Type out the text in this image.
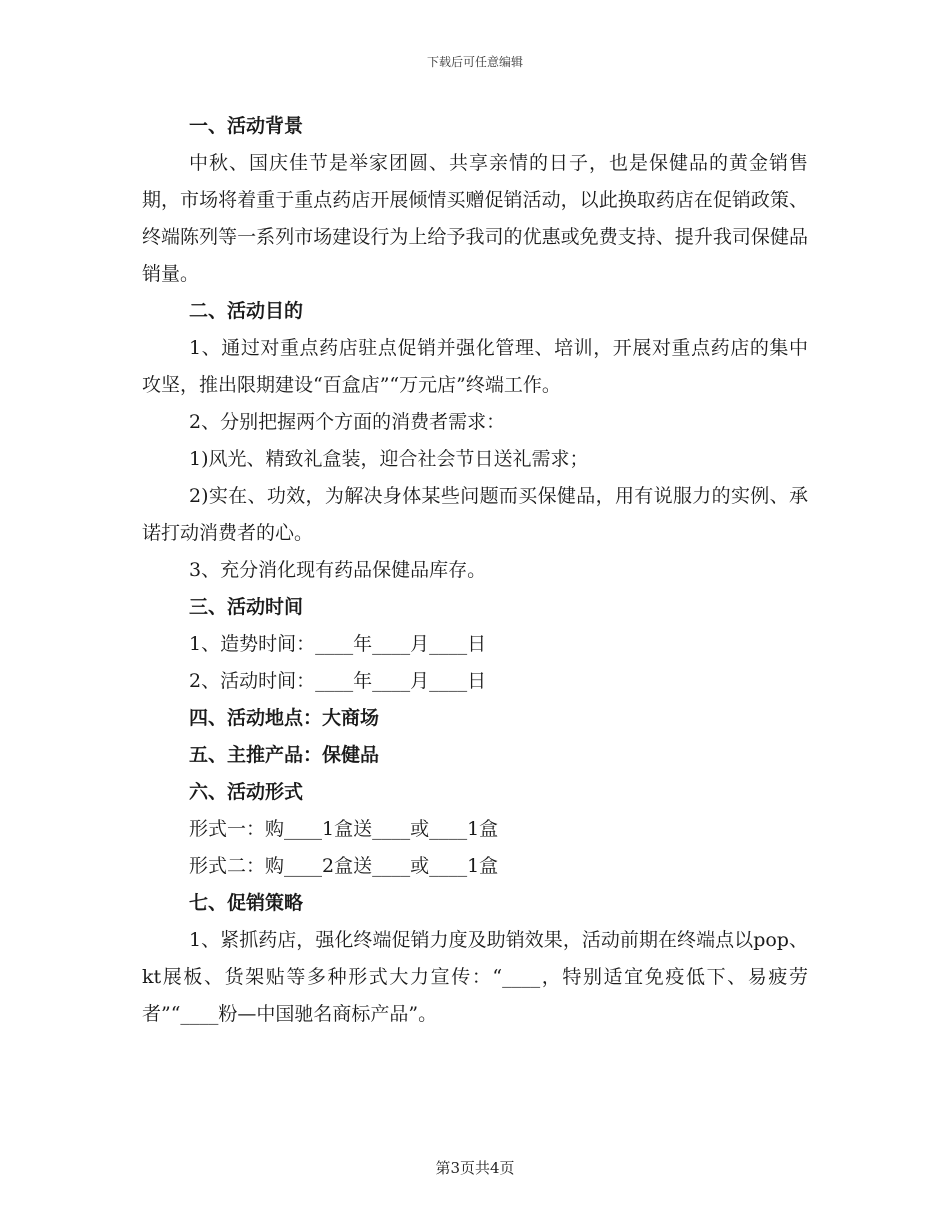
下载后可任意编辑

一、活动背景

中秋、国庆佳节是举家团圆、共享亲情的日子，也是保健品的黄金销售期，市场将着重于重点药店开展倾情买赠促销活动，以此换取药店在促销政策、终端陈列等一系列市场建设行为上给予我司的优惠或免费支持、提升我司保健品销量。

二、活动目的

1、通过对重点药店驻点促销并强化管理、培训，开展对重点药店的集中攻坚，推出限期建设“百盒店”“万元店”终端工作。

2、分别把握两个方面的消费者需求：

1)风光、精致礼盒装，迎合社会节日送礼需求；

2)实在、功效，为解决身体某些问题而买保健品，用有说服力的实例、承诺打动消费者的心。

3、充分消化现有药品保健品库存。

三、活动时间

1、造势时间：____年____月____日

2、活动时间：____年____月____日

四、活动地点：大商场

五、主推产品：保健品

六、活动形式

形式一：购____1盒送____或____1盒

形式二：购____2盒送____或____1盒

七、促销策略

1、紧抓药店，强化终端促销力度及助销效果，活动前期在终端点以pop、kt展板、货架贴等多种形式大力宣传：“____，特别适宜免疫低下、易疲劳者”“____粉—中国驰名商标产品”。

第3页共4页
